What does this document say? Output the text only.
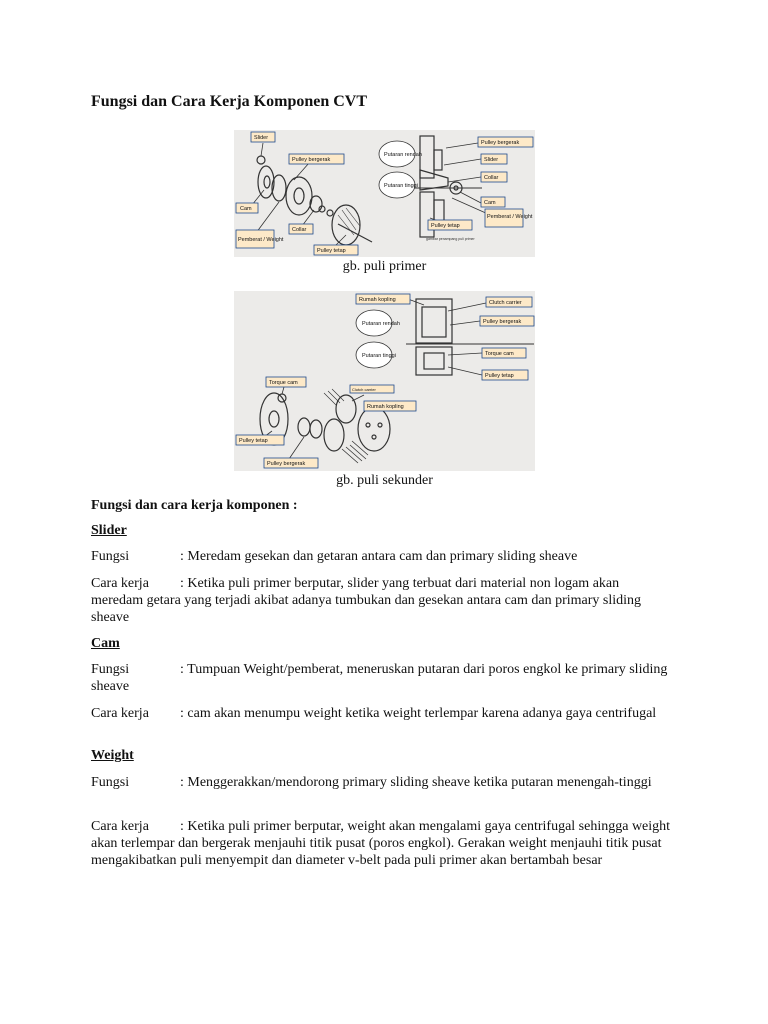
Fungsi dan Cara Kerja Komponen CVT
Slider
Pulley bergerak
Cam
Collar
Pemberat / Weight
Pulley tetap
Putaran rendah
Putaran tinggi
Pulley bergerak
Slider
Collar
Cam
Pemberat / Weight
Pulley tetap
gambar penampang puli primer
gb. puli primer
Rumah kopling	Clutch carrier
Putaran rendah	Pulley bergerak
Putaran tinggi	Torque cam
Pulley tetap
Torque cam
Rumah kopling
Pulley tetap
Pulley bergerak
Clutch carrier
gb. puli sekunder
Fungsi dan cara kerja komponen :
Slider
Fungsi	: Meredam gesekan dan getaran antara cam dan primary sliding sheave
Cara kerja : Ketika puli primer berputar, slider yang terbuat dari material non logam akan meredam getara yang terjadi akibat adanya tumbukan dan gesekan antara cam dan primary sliding sheave
Cam
Fungsi	: Tumpuan Weight/pemberat, meneruskan putaran dari poros engkol ke primary sliding sheave
Cara kerja : cam akan menumpu weight ketika weight terlempar karena adanya gaya centrifugal
Weight
Fungsi	: Menggerakkan/mendorong primary sliding sheave ketika putaran menengah-tinggi
Cara kerja : Ketika puli primer berputar, weight akan mengalami gaya centrifugal sehingga weight akan terlempar dan bergerak menjauhi titik pusat (poros engkol). Gerakan weight menjauhi titik pusat mengakibatkan puli menyempit dan diameter v-belt pada puli primer akan bertambah besar
